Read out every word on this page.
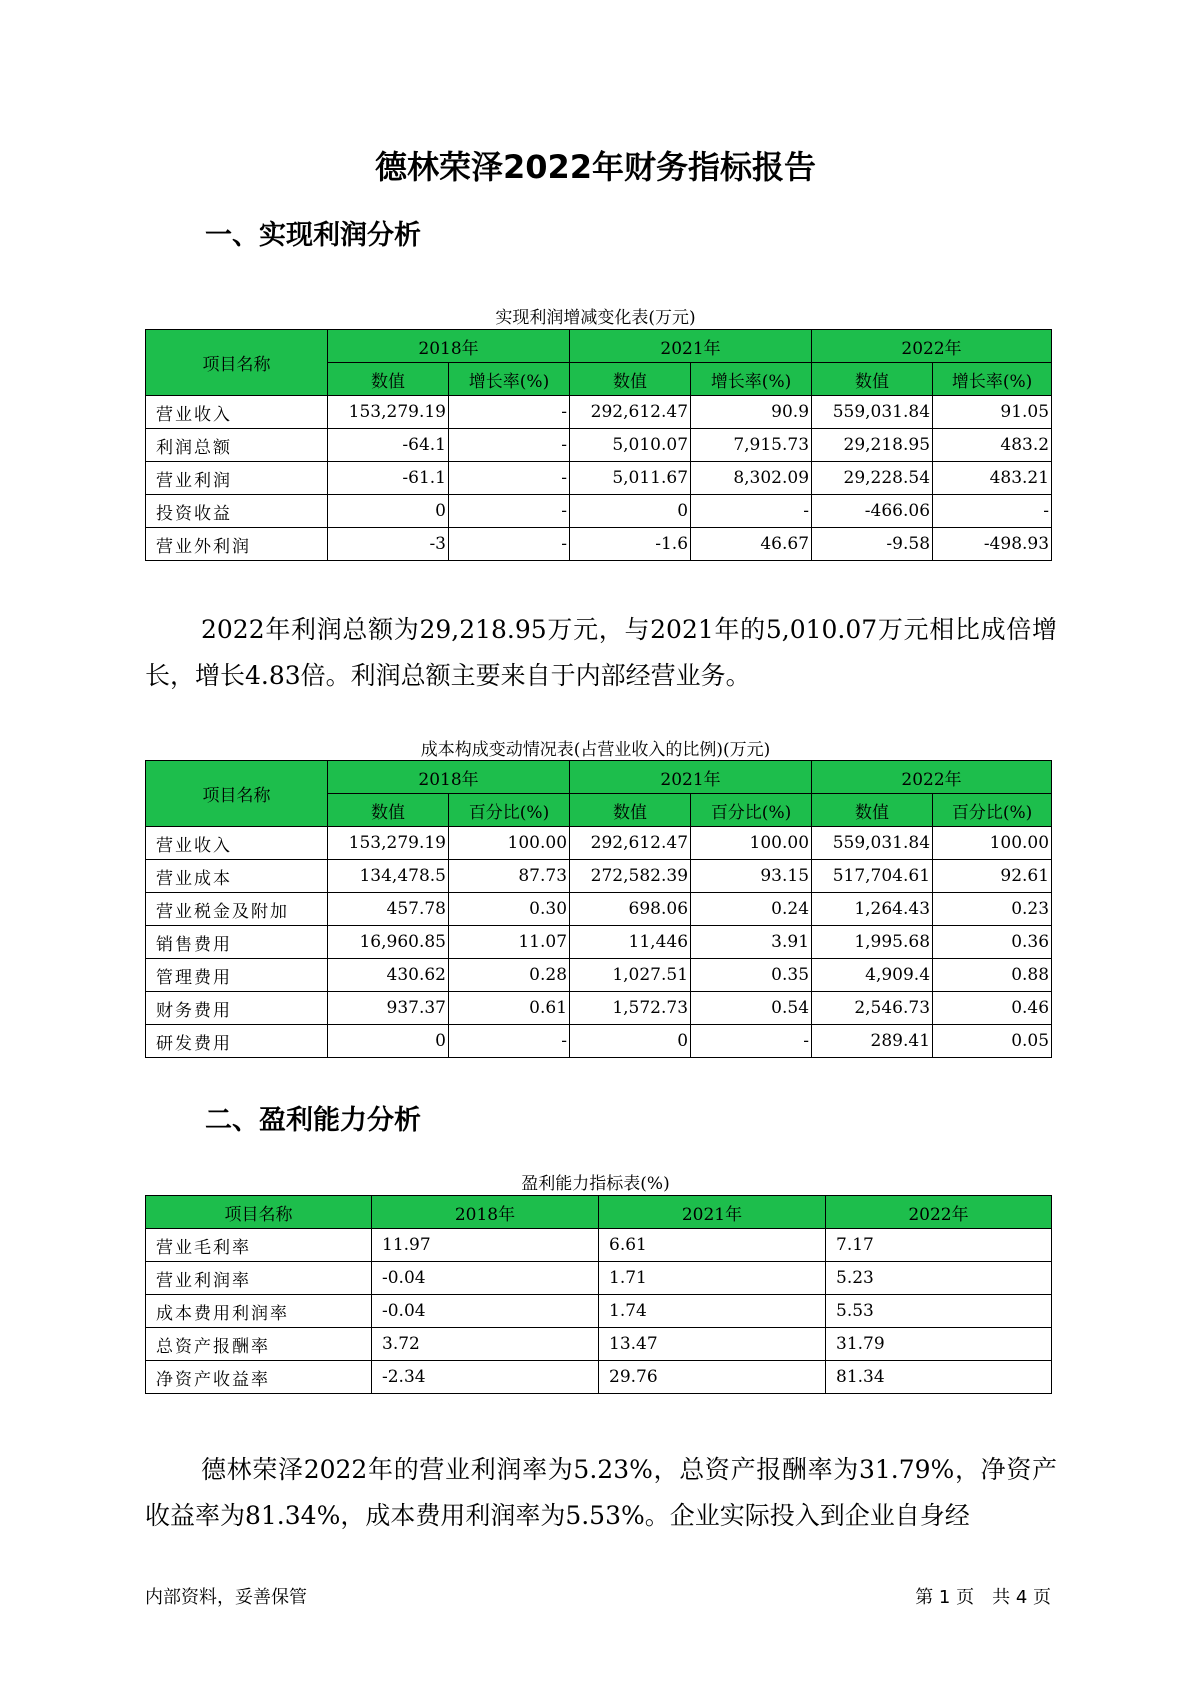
德林荣泽2022年财务指标报告
一、实现利润分析
实现利润增减变化表(万元)
项目名称	2018年		2021年		2022年	
	数值	增长率(%)	数值	增长率(%)	数值	增长率(%)
营业收入	153,279.19	-	292,612.47	90.9	559,031.84	91.05
利润总额	-64.1	-	5,010.07	7,915.73	29,218.95	483.2
营业利润	-61.1	-	5,011.67	8,302.09	29,228.54	483.21
投资收益	0	-	0	-	-466.06	-
营业外利润	-3	-	-1.6	46.67	-9.58	-498.93
2022年利润总额为29,218.95万元，与2021年的5,010.07万元相比成倍增长，增长4.83倍。利润总额主要来自于内部经营业务。
成本构成变动情况表(占营业收入的比例)(万元)
项目名称	2018年		2021年		2022年	
	数值	百分比(%)	数值	百分比(%)	数值	百分比(%)
营业收入	153,279.19	100.00	292,612.47	100.00	559,031.84	100.00
营业成本	134,478.5	87.73	272,582.39	93.15	517,704.61	92.61
营业税金及附加	457.78	0.30	698.06	0.24	1,264.43	0.23
销售费用	16,960.85	11.07	11,446	3.91	1,995.68	0.36
管理费用	430.62	0.28	1,027.51	0.35	4,909.4	0.88
财务费用	937.37	0.61	1,572.73	0.54	2,546.73	0.46
研发费用	0	-	0	-	289.41	0.05
二、盈利能力分析
盈利能力指标表(%)
项目名称	2018年	2021年	2022年
营业毛利率	11.97	6.61	7.17
营业利润率	-0.04	1.71	5.23
成本费用利润率	-0.04	1.74	5.53
总资产报酬率	3.72	13.47	31.79
净资产收益率	-2.34	29.76	81.34
德林荣泽2022年的营业利润率为5.23%，总资产报酬率为31.79%，净资产收益率为81.34%，成本费用利润率为5.53%。企业实际投入到企业自身经
内部资料，妥善保管	第 1 页　共 4 页
